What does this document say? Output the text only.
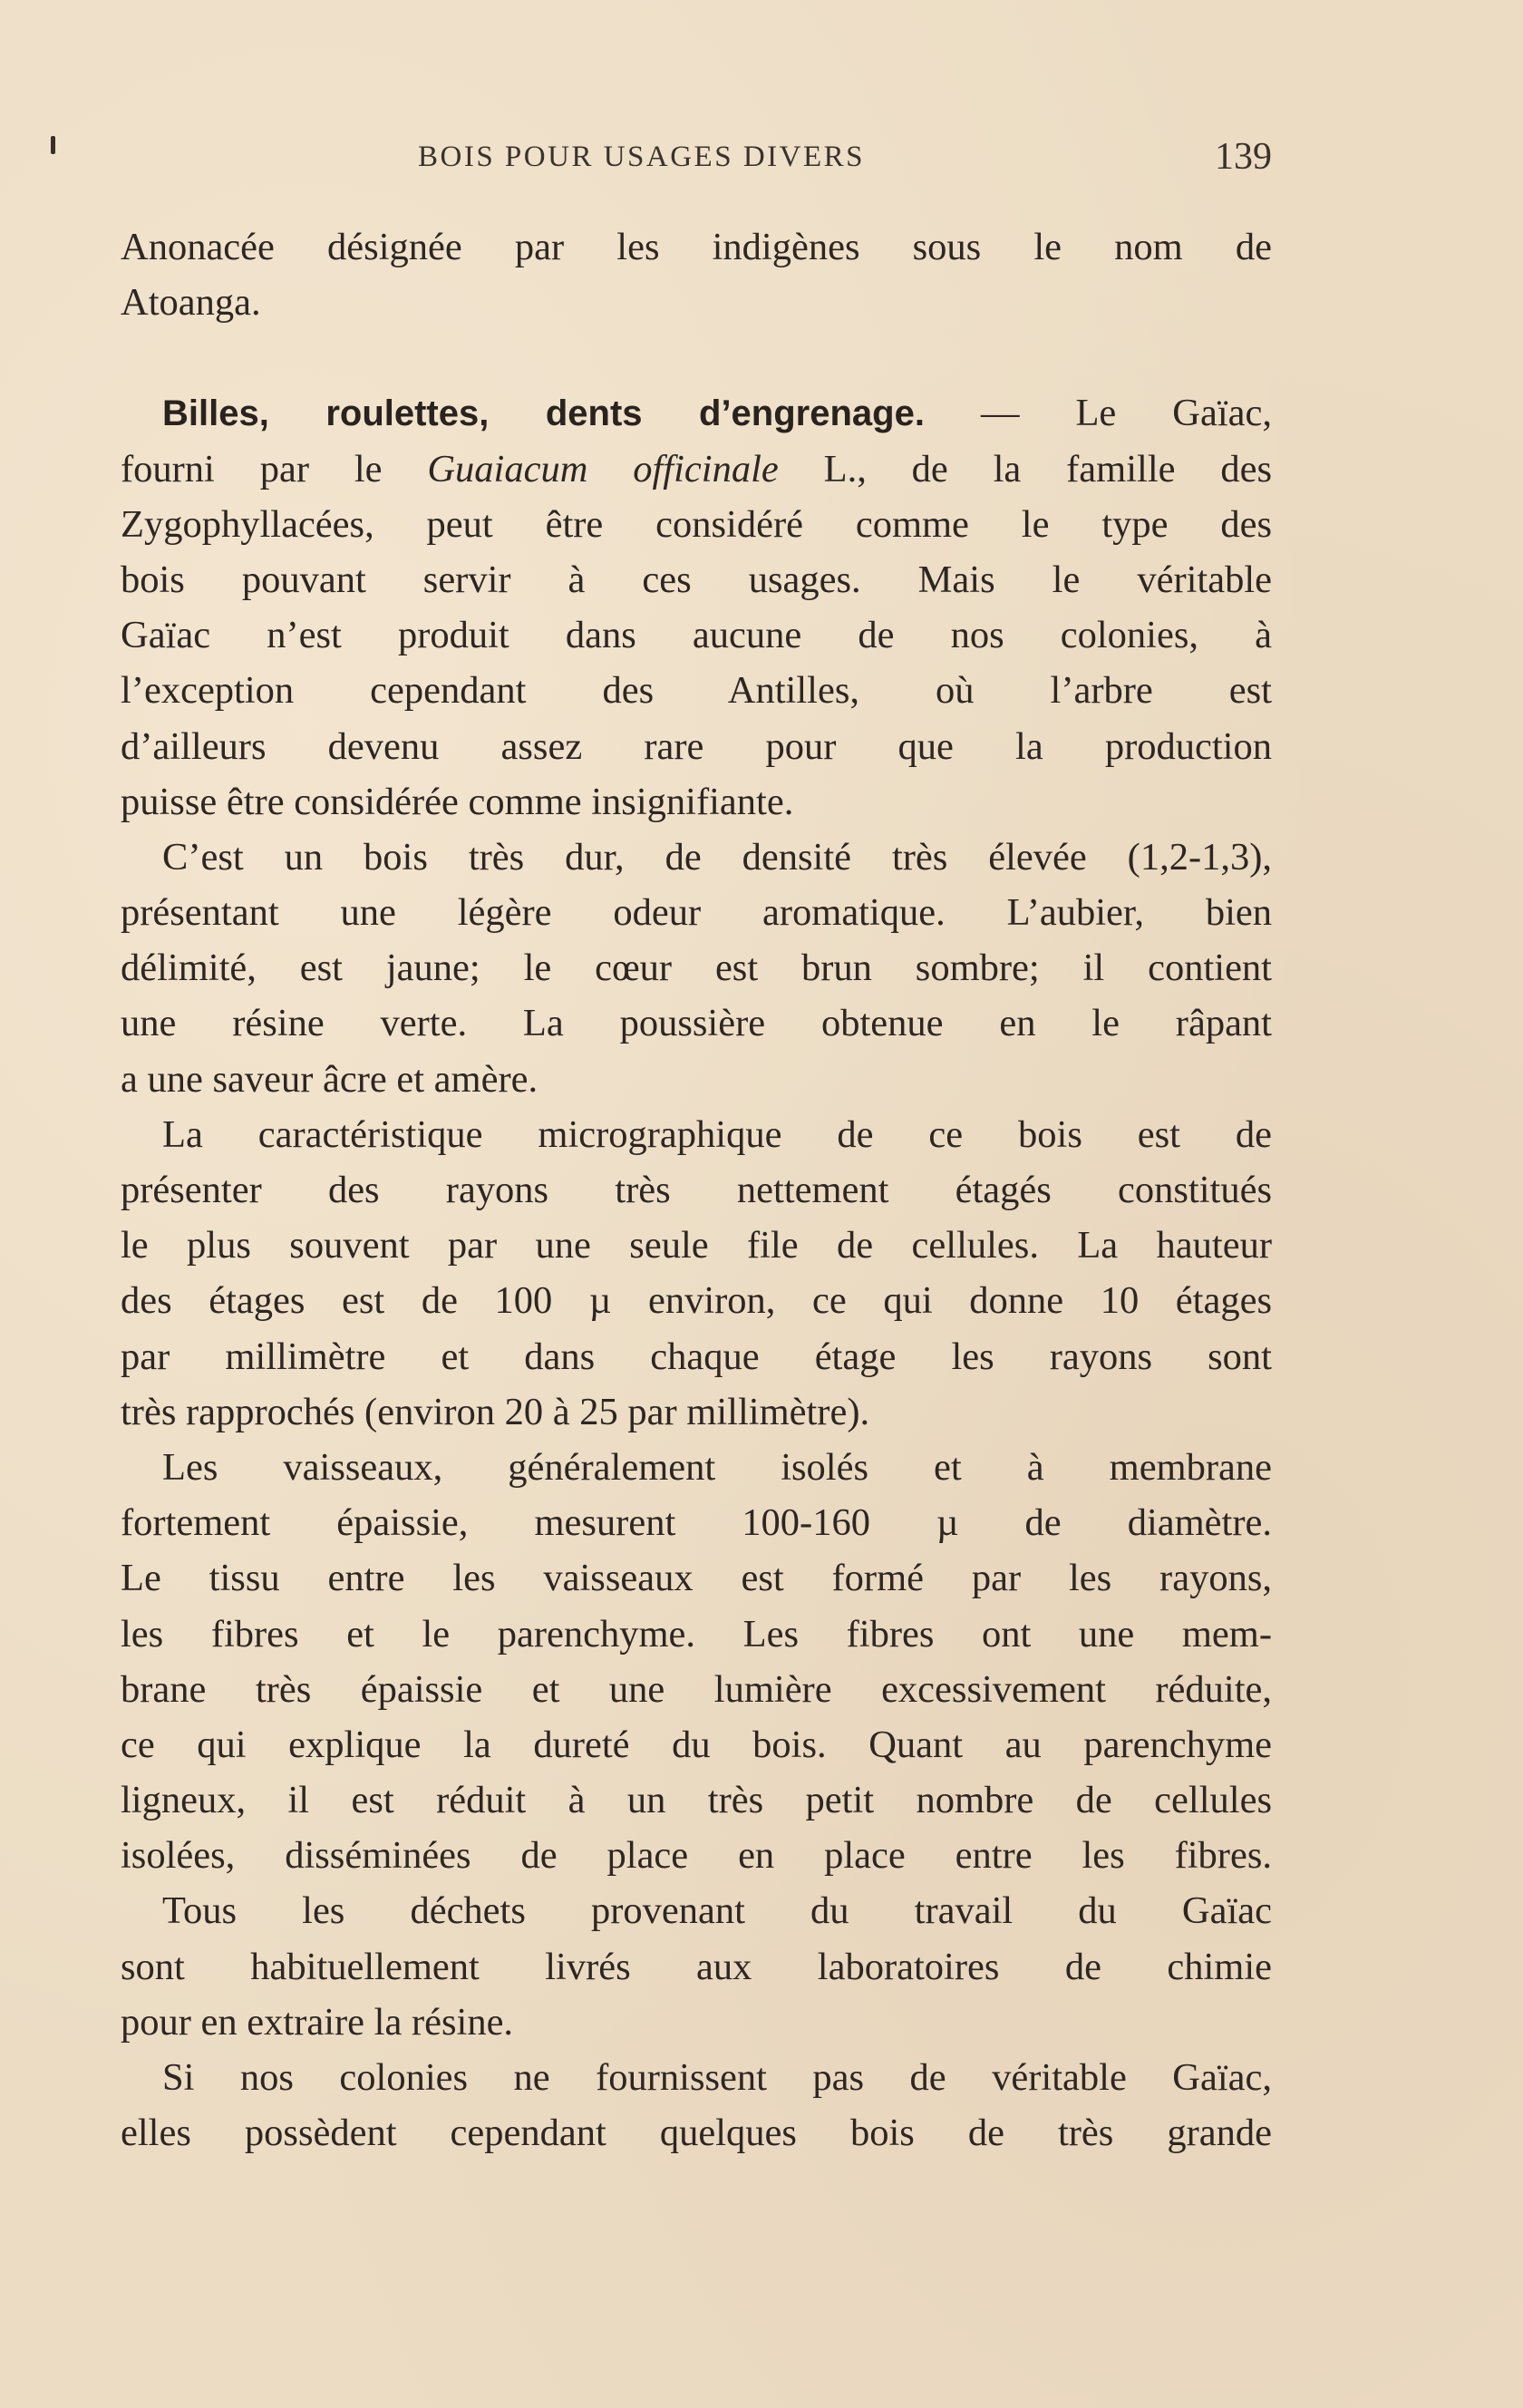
BOIS POUR USAGES DIVERS	139
Anonacée désignée par les indigènes sous le nom de
Atoanga.
Billes, roulettes, dents d’engrenage. — Le Gaïac,
fourni par le Guaiacum officinale L., de la famille des
Zygophyllacées, peut être considéré comme le type des
bois pouvant servir à ces usages. Mais le véritable
Gaïac n’est produit dans aucune de nos colonies, à
l’exception cependant des Antilles, où l’arbre est
d’ailleurs devenu assez rare pour que la production
puisse être considérée comme insignifiante.
C’est un bois très dur, de densité très élevée (1,2-1,3),
présentant une légère odeur aromatique. L’aubier, bien
délimité, est jaune; le cœur est brun sombre; il contient
une résine verte. La poussière obtenue en le râpant
a une saveur âcre et amère.
La caractéristique micrographique de ce bois est de
présenter des rayons très nettement étagés constitués
le plus souvent par une seule file de cellules. La hauteur
des étages est de 100 µ environ, ce qui donne 10 étages
par millimètre et dans chaque étage les rayons sont
très rapprochés (environ 20 à 25 par millimètre).
Les vaisseaux, généralement isolés et à membrane
fortement épaissie, mesurent 100-160 µ de diamètre.
Le tissu entre les vaisseaux est formé par les rayons,
les fibres et le parenchyme. Les fibres ont une mem-
brane très épaissie et une lumière excessivement réduite,
ce qui explique la dureté du bois. Quant au parenchyme
ligneux, il est réduit à un très petit nombre de cellules
isolées, disséminées de place en place entre les fibres.
Tous les déchets provenant du travail du Gaïac
sont habituellement livrés aux laboratoires de chimie
pour en extraire la résine.
Si nos colonies ne fournissent pas de véritable Gaïac,
elles possèdent cependant quelques bois de très grande
